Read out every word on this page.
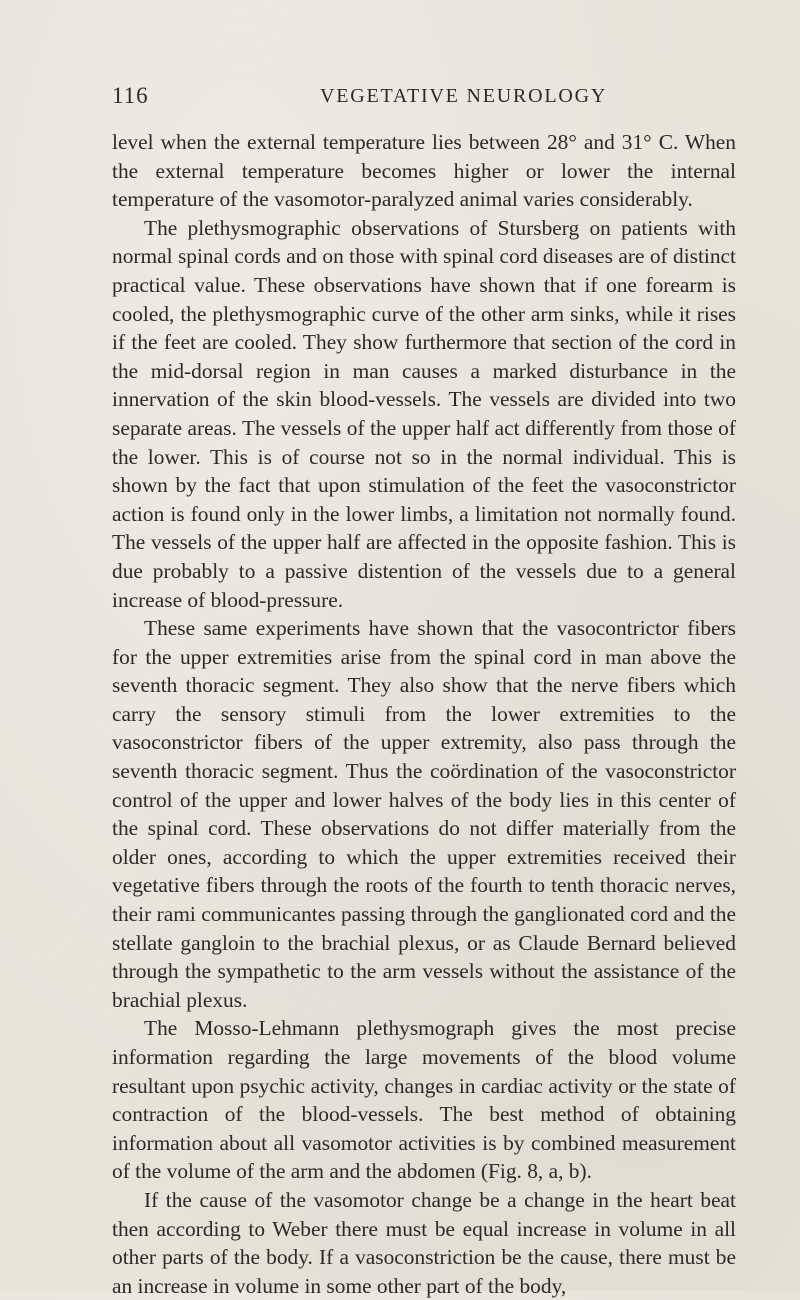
116	VEGETATIVE NEUROLOGY

level when the external temperature lies between 28° and 31° C. When the external temperature becomes higher or lower the internal temperature of the vasomotor-paralyzed animal varies considerably.

The plethysmographic observations of Stursberg on patients with normal spinal cords and on those with spinal cord diseases are of distinct practical value. These observations have shown that if one forearm is cooled, the plethysmographic curve of the other arm sinks, while it rises if the feet are cooled. They show furthermore that section of the cord in the mid-dorsal region in man causes a marked disturbance in the innervation of the skin blood-vessels. The vessels are divided into two separate areas. The vessels of the upper half act differently from those of the lower. This is of course not so in the normal individual. This is shown by the fact that upon stimulation of the feet the vasoconstrictor action is found only in the lower limbs, a limitation not normally found. The vessels of the upper half are affected in the opposite fashion. This is due probably to a passive distention of the vessels due to a general increase of blood-pressure.

These same experiments have shown that the vasocontrictor fibers for the upper extremities arise from the spinal cord in man above the seventh thoracic segment. They also show that the nerve fibers which carry the sensory stimuli from the lower extremities to the vasoconstrictor fibers of the upper extremity, also pass through the seventh thoracic segment. Thus the coördination of the vasoconstrictor control of the upper and lower halves of the body lies in this center of the spinal cord. These observations do not differ materially from the older ones, according to which the upper extremities received their vegetative fibers through the roots of the fourth to tenth thoracic nerves, their rami communicantes passing through the ganglionated cord and the stellate gangloin to the brachial plexus, or as Claude Bernard believed through the sympathetic to the arm vessels without the assistance of the brachial plexus.

The Mosso-Lehmann plethysmograph gives the most precise information regarding the large movements of the blood volume resultant upon psychic activity, changes in cardiac activity or the state of contraction of the blood-vessels. The best method of obtaining information about all vasomotor activities is by combined measurement of the volume of the arm and the abdomen (Fig. 8, a, b).

If the cause of the vasomotor change be a change in the heart beat then according to Weber there must be equal increase in volume in all other parts of the body. If a vasoconstriction be the cause, there must be an increase in volume in some other part of the body,
